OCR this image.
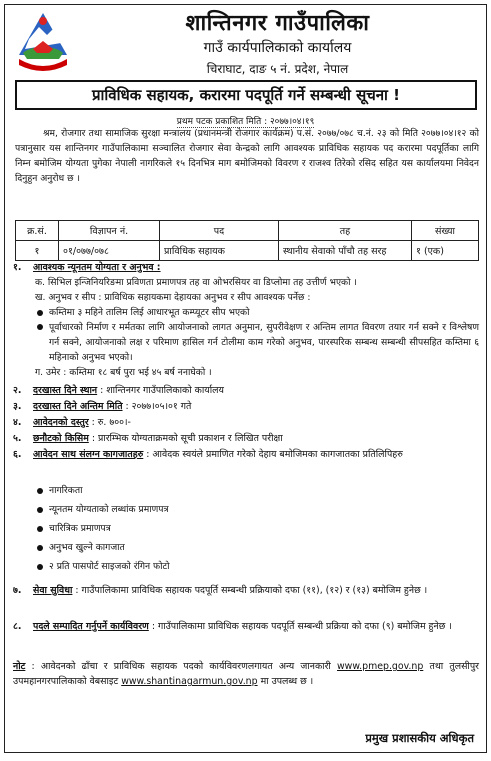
शान्तिनगर गाउँपालिका
गाउँ कार्यपालिकाको कार्यालय
चिराघाट, दाङ ५ नं. प्रदेश, नेपाल
प्राविधिक सहायक, करारमा पदपूर्ति गर्ने सम्बन्धी सूचना !
प्रथम पटक प्रकाशित मिति : २०७७।०४।१९
श्रम, रोजगार तथा सामाजिक सुरक्षा मन्त्रालय (प्रधानमन्त्री रोजगार कार्यक्रम) प.सं. २०७७/०७८ च.नं. २३ को मिति २०७७।०४।१२ को पत्रानुसार यस शान्तिनगर गाउँपालिकामा सञ्चालित रोजगार सेवा केन्द्रको लागि आवश्यक प्राविधिक सहायक पद करारमा पदपूर्तिका लागि निम्न बमोजिम योग्यता पुगेका नेपाली नागरिकले १५ दिनभित्र माग बमोजिमको विवरण र राजश्व तिरेको रसिद सहित यस कार्यालयमा निवेदन दिनुहुन अनुरोध छ ।
क्र.सं.	विज्ञापन नं.	पद	तह	संख्या
१	०१/०७७/०७८	प्राविधिक सहायक	स्थानीय सेवाको पाँचौ तह सरह	१ (एक)
१. आवश्यक न्यूनतम योग्यता र अनुभव :
क. सिभिल इन्जिनियरिङमा प्रविणता प्रमाणपत्र तह वा ओभरसियर वा डिप्लोमा तह उत्तीर्ण भएको ।
ख. अनुभव र सीप : प्राविधिक सहायकमा देहायका अनुभव र सीप आवश्यक पर्नेछ :
कम्तिमा ३ महिने तालिम लिई आधारभूत कम्प्यूटर सीप भएको
पूर्वाधारको निर्माण र मर्मतका लागि आयोजनाको लागत अनुमान, सुपरीवेक्षण र अन्तिम लागत विवरण तयार गर्न सक्ने र विश्लेषण गर्न सक्ने, आयोजनाको लक्ष र परिमाण हासिल गर्न टोलीमा काम गरेको अनुभव, पारस्परिक सम्बन्ध सम्बन्धी सीपसहित कम्तिमा ६ महिनाको अनुभव भएको।
ग. उमेर : कम्तिमा १८ बर्ष पुरा भई ४५ बर्ष ननाघेको ।
२. दरखास्त दिने स्थान : शान्तिनगर गाउँपालिकाको कार्यालय
३. दरखास्त दिने अन्तिम मिति : २०७७।०५।०१ गते
४. आवेदनको दस्तुर : रु. ७००।-
५. छनौटको किसिम : प्रारम्भिक योग्यताक्रमको सूची प्रकाशन र लिखित परीक्षा
६. आवेदन साथ संलग्न कागजातहरु : आवेदक स्वयंले प्रमाणित गरेको देहाय बमोजिमका कागजातका प्रतिलिपिहरु
नागरिकता
न्यूनतम योग्यताको लब्धांक प्रमाणपत्र
चारित्रिक प्रमाणपत्र
अनुभव खुल्ने कागजात
२ प्रति पासपोर्ट साइजको रंगिन फोटो
७. सेवा सुविधा : गाउँपालिकामा प्राविधिक सहायक पदपूर्ति सम्बन्धी प्रक्रियाको दफा (११), (१२) र (१३) बमोजिम हुनेछ ।
८. पदले सम्पादित गर्नुपर्ने कार्यविवरण : गाउँपालिकामा प्राविधिक सहायक पदपूर्ति सम्बन्धी प्रक्रिया को दफा (९) बमोजिम हुनेछ ।
नोट : आवेदनको ढाँचा र प्राविधिक सहायक पदको कार्यविवरणलगायत अन्य जानकारी www.pmep.gov.np तथा तुलसीपुर उपमहानगरपालिकाको वेबसाइट www.shantinagarmun.gov.np मा उपलब्ध छ ।
प्रमुख प्रशासकीय अधिकृत
